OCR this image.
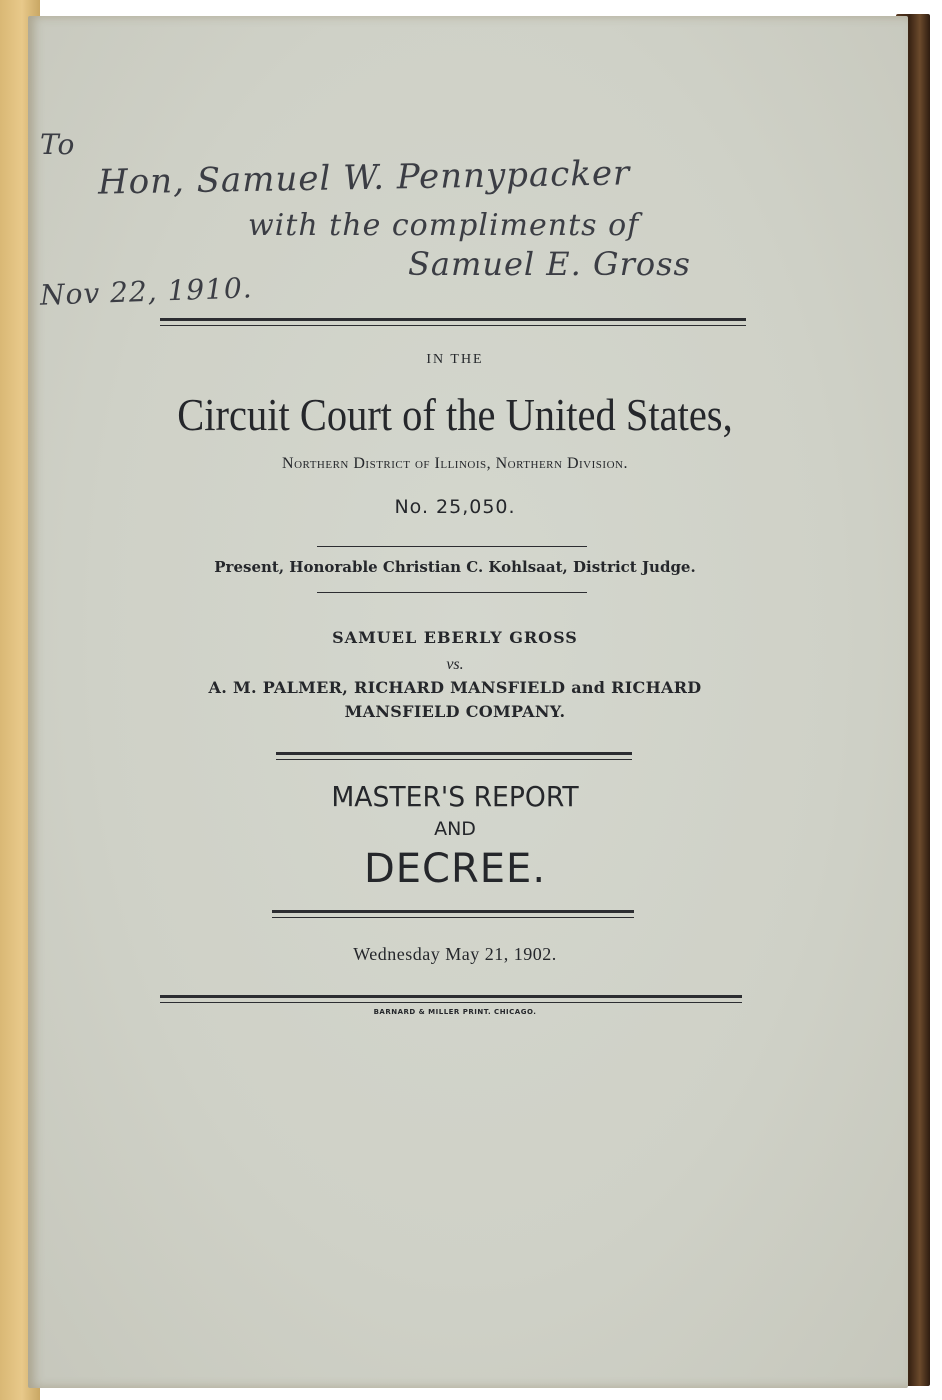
To
Hon, Samuel W. Pennypacker
with the compliments of
Samuel E. Gross
Nov 22, 1910.
IN THE
Circuit Court of the United States,
Northern District of Illinois, Northern Division.
No. 25,050.
Present, Honorable Christian C. Kohlsaat, District Judge.
SAMUEL EBERLY GROSS
vs.
A. M. PALMER, RICHARD MANSFIELD and RICHARD
MANSFIELD COMPANY.
MASTER'S REPORT
AND
DECREE.
Wednesday May 21, 1902.
BARNARD & MILLER PRINT. CHICAGO.
